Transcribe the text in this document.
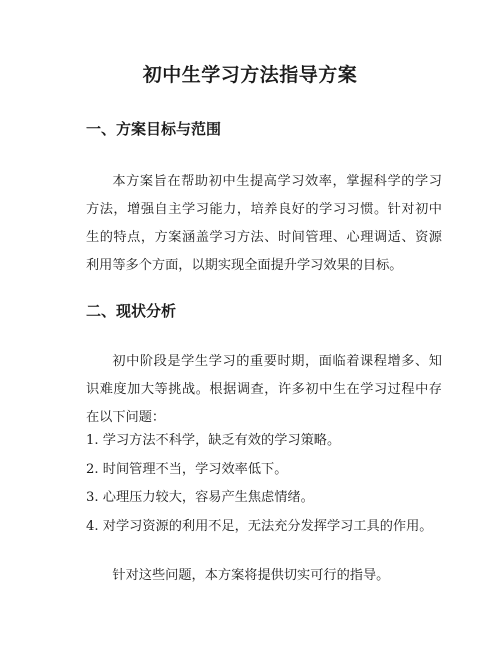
初中生学习方法指导方案
一、方案目标与范围

本方案旨在帮助初中生提高学习效率，掌握科学的学习方法，增强自主学习能力，培养良好的学习习惯。针对初中生的特点，方案涵盖学习方法、时间管理、心理调适、资源利用等多个方面，以期实现全面提升学习效果的目标。

二、现状分析

初中阶段是学生学习的重要时期，面临着课程增多、知识难度加大等挑战。根据调查，许多初中生在学习过程中存在以下问题：

1. 学习方法不科学，缺乏有效的学习策略。
2. 时间管理不当，学习效率低下。
3. 心理压力较大，容易产生焦虑情绪。
4. 对学习资源的利用不足，无法充分发挥学习工具的作用。

针对这些问题，本方案将提供切实可行的指导。
